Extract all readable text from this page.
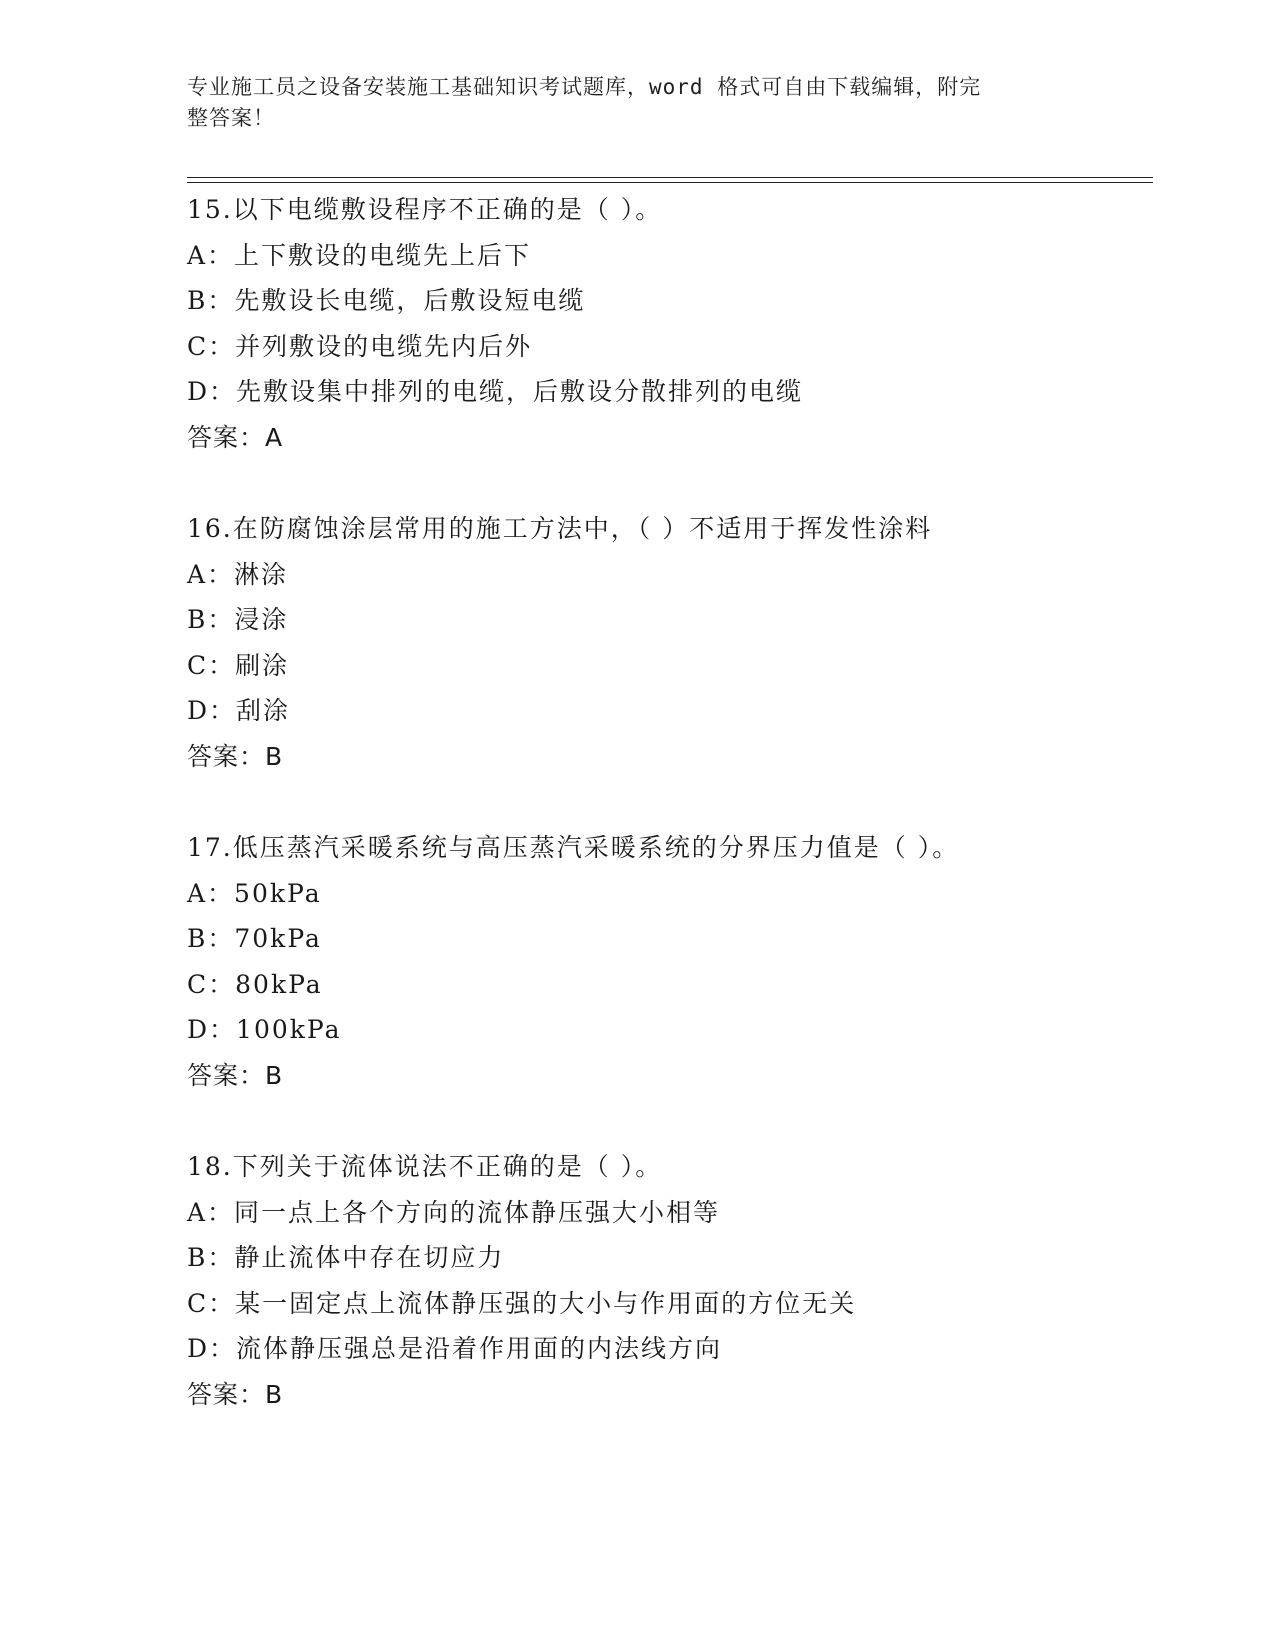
专业施工员之设备安装施工基础知识考试题库，word 格式可自由下载编辑，附完
整答案！
15.以下电缆敷设程序不正确的是（ ）。
A：上下敷设的电缆先上后下
B：先敷设长电缆，后敷设短电缆
C：并列敷设的电缆先内后外
D：先敷设集中排列的电缆，后敷设分散排列的电缆
答案：A
16.在防腐蚀涂层常用的施工方法中，（ ）不适用于挥发性涂料
A：淋涂
B：浸涂
C：刷涂
D：刮涂
答案：B
17.低压蒸汽采暖系统与高压蒸汽采暖系统的分界压力值是（ ）。
A：50kPa
B：70kPa
C：80kPa
D：100kPa
答案：B
18.下列关于流体说法不正确的是（ ）。
A：同一点上各个方向的流体静压强大小相等
B：静止流体中存在切应力
C：某一固定点上流体静压强的大小与作用面的方位无关
D：流体静压强总是沿着作用面的内法线方向
答案：B
